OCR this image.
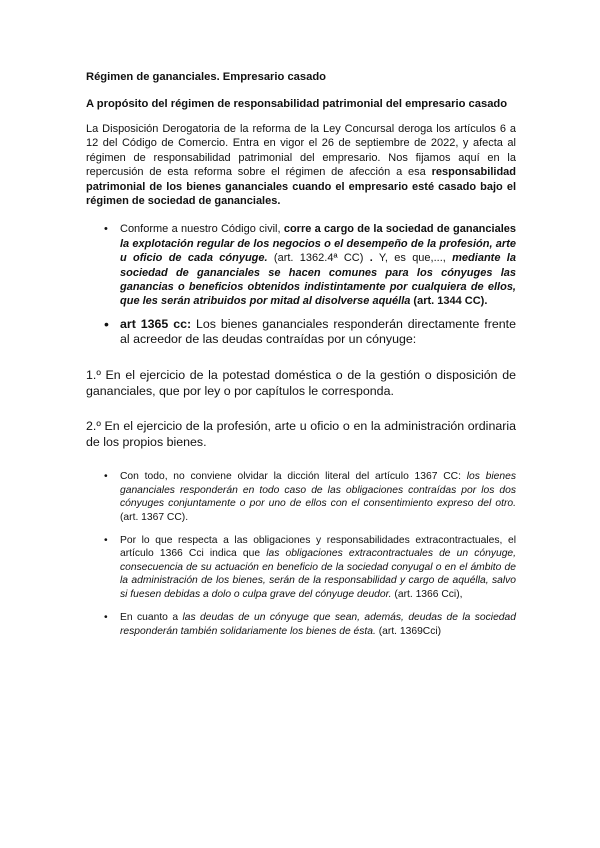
Régimen de gananciales. Empresario casado

A propósito del régimen de responsabilidad patrimonial del empresario casado

La Disposición Derogatoria de la reforma de la Ley Concursal deroga los artículos 6 a 12 del Código de Comercio. Entra en vigor el 26 de septiembre de 2022, y afecta al régimen de responsabilidad patrimonial del empresario. Nos fijamos aquí en la repercusión de esta reforma sobre el régimen de afección a esa responsabilidad patrimonial de los bienes gananciales cuando el empresario esté casado bajo el régimen de sociedad de gananciales.

• Conforme a nuestro Código civil, corre a cargo de la sociedad de gananciales la explotación regular de los negocios o el desempeño de la profesión, arte u oficio de cada cónyuge. (art. 1362.4ª CC) . Y, es que,..., mediante la sociedad de gananciales se hacen comunes para los cónyuges las ganancias o beneficios obtenidos indistintamente por cualquiera de ellos, que les serán atribuidos por mitad al disolverse aquélla (art. 1344 CC).
• art 1365 cc: Los bienes gananciales responderán directamente frente al acreedor de las deudas contraídas por un cónyuge:

1.º En el ejercicio de la potestad doméstica o de la gestión o disposición de gananciales, que por ley o por capítulos le corresponda.

2.º En el ejercicio de la profesión, arte u oficio o en la administración ordinaria de los propios bienes.

• Con todo, no conviene olvidar la dicción literal del artículo 1367 CC: los bienes gananciales responderán en todo caso de las obligaciones contraídas por los dos cónyuges conjuntamente o por uno de ellos con el consentimiento expreso del otro. (art. 1367 CC).
• Por lo que respecta a las obligaciones y responsabilidades extracontractuales, el artículo 1366 Cci indica que las obligaciones extracontractuales de un cónyuge, consecuencia de su actuación en beneficio de la sociedad conyugal o en el ámbito de la administración de los bienes, serán de la responsabilidad y cargo de aquélla, salvo si fuesen debidas a dolo o culpa grave del cónyuge deudor. (art. 1366 Cci),
• En cuanto a las deudas de un cónyuge que sean, además, deudas de la sociedad responderán también solidariamente los bienes de ésta. (art. 1369Cci)
